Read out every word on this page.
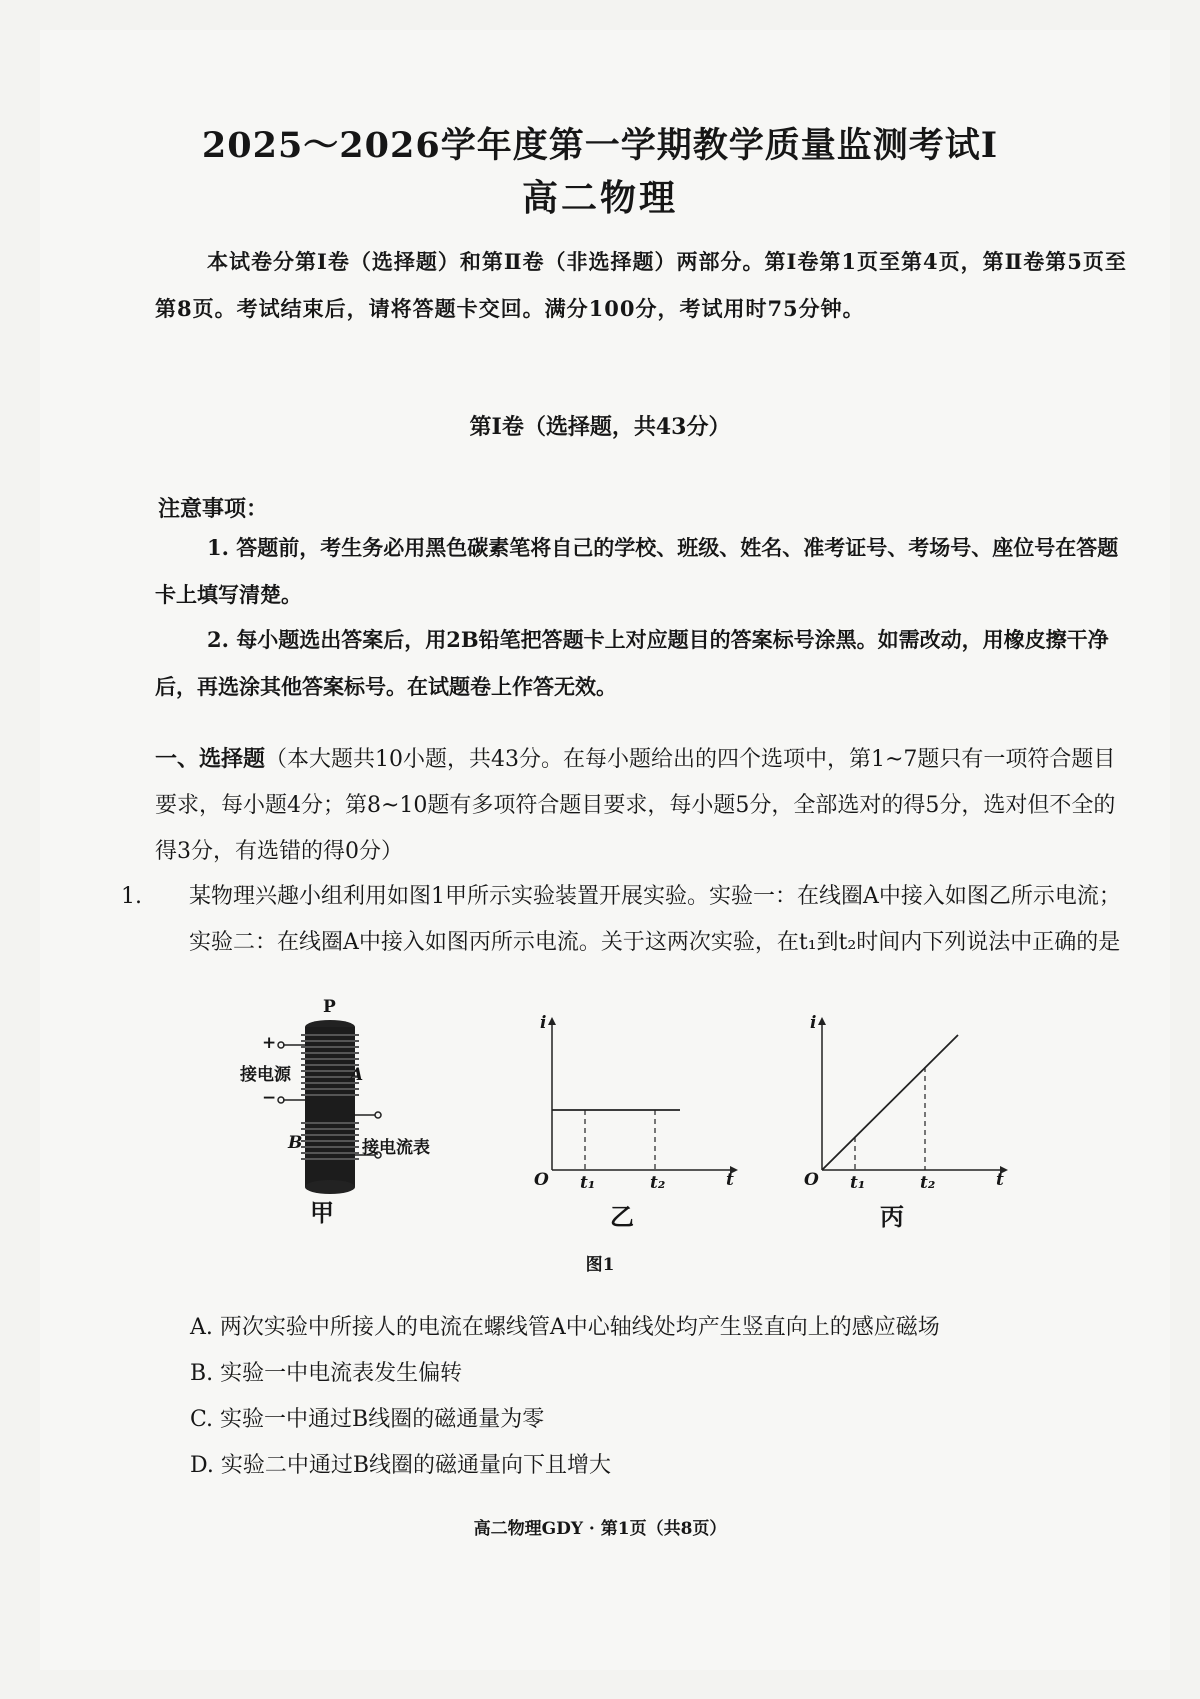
2025～2026学年度第一学期教学质量监测考试Ⅰ
高二物理
本试卷分第Ⅰ卷（选择题）和第Ⅱ卷（非选择题）两部分。第Ⅰ卷第1页至第4页，第Ⅱ卷第5页至第8页。考试结束后，请将答题卡交回。满分100分，考试用时75分钟。
第Ⅰ卷（选择题，共43分）
注意事项：
1. 答题前，考生务必用黑色碳素笔将自己的学校、班级、姓名、准考证号、考场号、座位号在答题卡上填写清楚。
2. 每小题选出答案后，用2B铅笔把答题卡上对应题目的答案标号涂黑。如需改动，用橡皮擦干净后，再选涂其他答案标号。在试题卷上作答无效。
一、选择题（本大题共10小题，共43分。在每小题给出的四个选项中，第1~7题只有一项符合题目要求，每小题4分；第8~10题有多项符合题目要求，每小题5分，全部选对的得5分，选对但不全的得3分，有选错的得0分）
1. 某物理兴趣小组利用如图1甲所示实验装置开展实验。实验一：在线圈A中接入如图乙所示电流；实验二：在线圈A中接入如图丙所示电流。关于这两次实验，在t₁到t₂时间内下列说法中正确的是
P
+
接电源
−
A
B	接电流表
甲
i
O t₁	t₂	t
乙
i
O t₁	t₂	t
丙
图1
A. 两次实验中所接人的电流在螺线管A中心轴线处均产生竖直向上的感应磁场
B. 实验一中电流表发生偏转
C. 实验一中通过B线圈的磁通量为零
D. 实验二中通过B线圈的磁通量向下且增大
高二物理GDY · 第1页（共8页）
